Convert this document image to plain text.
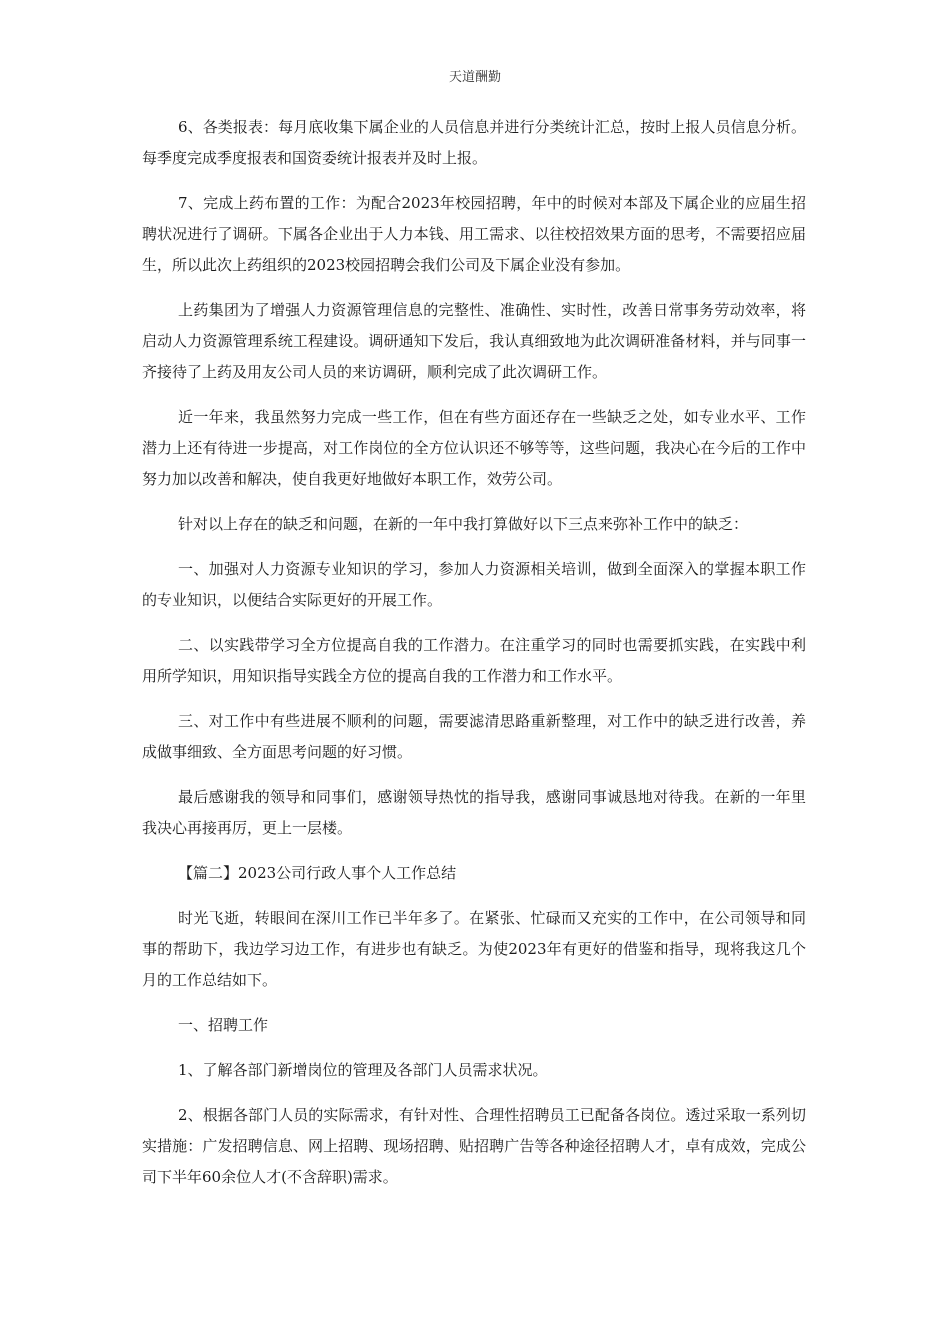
天道酬勤

6、各类报表：每月底收集下属企业的人员信息并进行分类统计汇总，按时上报人员信息分析。每季度完成季度报表和国资委统计报表并及时上报。

7、完成上药布置的工作：为配合2023年校园招聘，年中的时候对本部及下属企业的应届生招聘状况进行了调研。下属各企业出于人力本钱、用工需求、以往校招效果方面的思考，不需要招应届生，所以此次上药组织的2023校园招聘会我们公司及下属企业没有参加。

上药集团为了增强人力资源管理信息的完整性、准确性、实时性，改善日常事务劳动效率，将启动人力资源管理系统工程建设。调研通知下发后，我认真细致地为此次调研准备材料，并与同事一齐接待了上药及用友公司人员的来访调研，顺利完成了此次调研工作。

近一年来，我虽然努力完成一些工作，但在有些方面还存在一些缺乏之处，如专业水平、工作潜力上还有待进一步提高，对工作岗位的全方位认识还不够等等，这些问题，我决心在今后的工作中努力加以改善和解决，使自我更好地做好本职工作，效劳公司。

针对以上存在的缺乏和问题，在新的一年中我打算做好以下三点来弥补工作中的缺乏：

一、加强对人力资源专业知识的学习，参加人力资源相关培训，做到全面深入的掌握本职工作的专业知识，以便结合实际更好的开展工作。

二、以实践带学习全方位提高自我的工作潜力。在注重学习的同时也需要抓实践，在实践中利用所学知识，用知识指导实践全方位的提高自我的工作潜力和工作水平。

三、对工作中有些进展不顺利的问题，需要滤清思路重新整理，对工作中的缺乏进行改善，养成做事细致、全方面思考问题的好习惯。

最后感谢我的领导和同事们，感谢领导热忱的指导我，感谢同事诚恳地对待我。在新的一年里我决心再接再厉，更上一层楼。

【篇二】2023公司行政人事个人工作总结

时光飞逝，转眼间在深川工作已半年多了。在紧张、忙碌而又充实的工作中，在公司领导和同事的帮助下，我边学习边工作，有进步也有缺乏。为使2023年有更好的借鉴和指导，现将我这几个月的工作总结如下。

一、招聘工作

1、了解各部门新增岗位的管理及各部门人员需求状况。

2、根据各部门人员的实际需求，有针对性、合理性招聘员工已配备各岗位。透过采取一系列切实措施：广发招聘信息、网上招聘、现场招聘、贴招聘广告等各种途径招聘人才，卓有成效，完成公司下半年60余位人才(不含辞职)需求。
